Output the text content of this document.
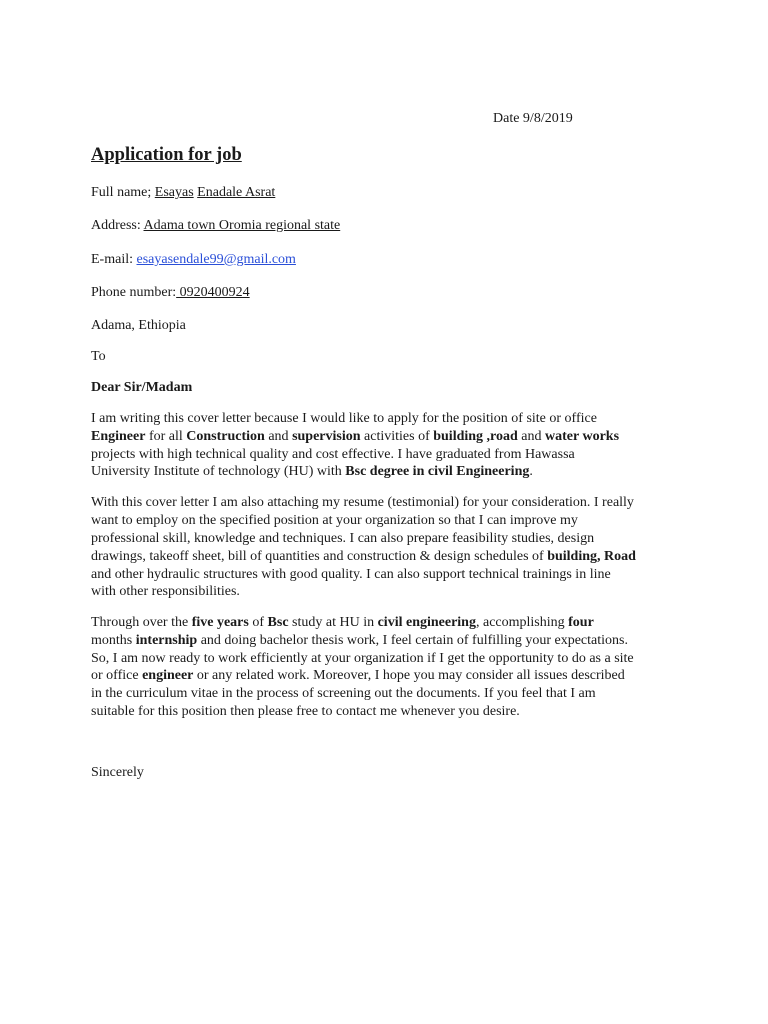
Date 9/8/2019
Application for job
Full name; Esayas Enadale Asrat
Address: Adama town Oromia regional state
E-mail: esayasendale99@gmail.com
Phone number: 0920400924
Adama, Ethiopia
To
Dear Sir/Madam
I am writing this cover letter because I would like to apply for the position of site or office
Engineer for all Construction and supervision activities of building ,road and water works
projects with high technical quality and cost effective. I have graduated from Hawassa
University Institute of technology (HU) with Bsc degree in civil Engineering.
With this cover letter I am also attaching my resume (testimonial) for your consideration. I really
want to employ on the specified position at your organization so that I can improve my
professional skill, knowledge and techniques. I can also prepare feasibility studies, design
drawings, takeoff sheet, bill of quantities and construction & design schedules of building, Road
and other hydraulic structures with good quality. I can also support technical trainings in line
with other responsibilities.
Through over the five years of Bsc study at HU in civil engineering, accomplishing four
months internship and doing bachelor thesis work, I feel certain of fulfilling your expectations.
So, I am now ready to work efficiently at your organization if I get the opportunity to do as a site
or office engineer or any related work. Moreover, I hope you may consider all issues described
in the curriculum vitae in the process of screening out the documents. If you feel that I am
suitable for this position then please free to contact me whenever you desire.
Sincerely
